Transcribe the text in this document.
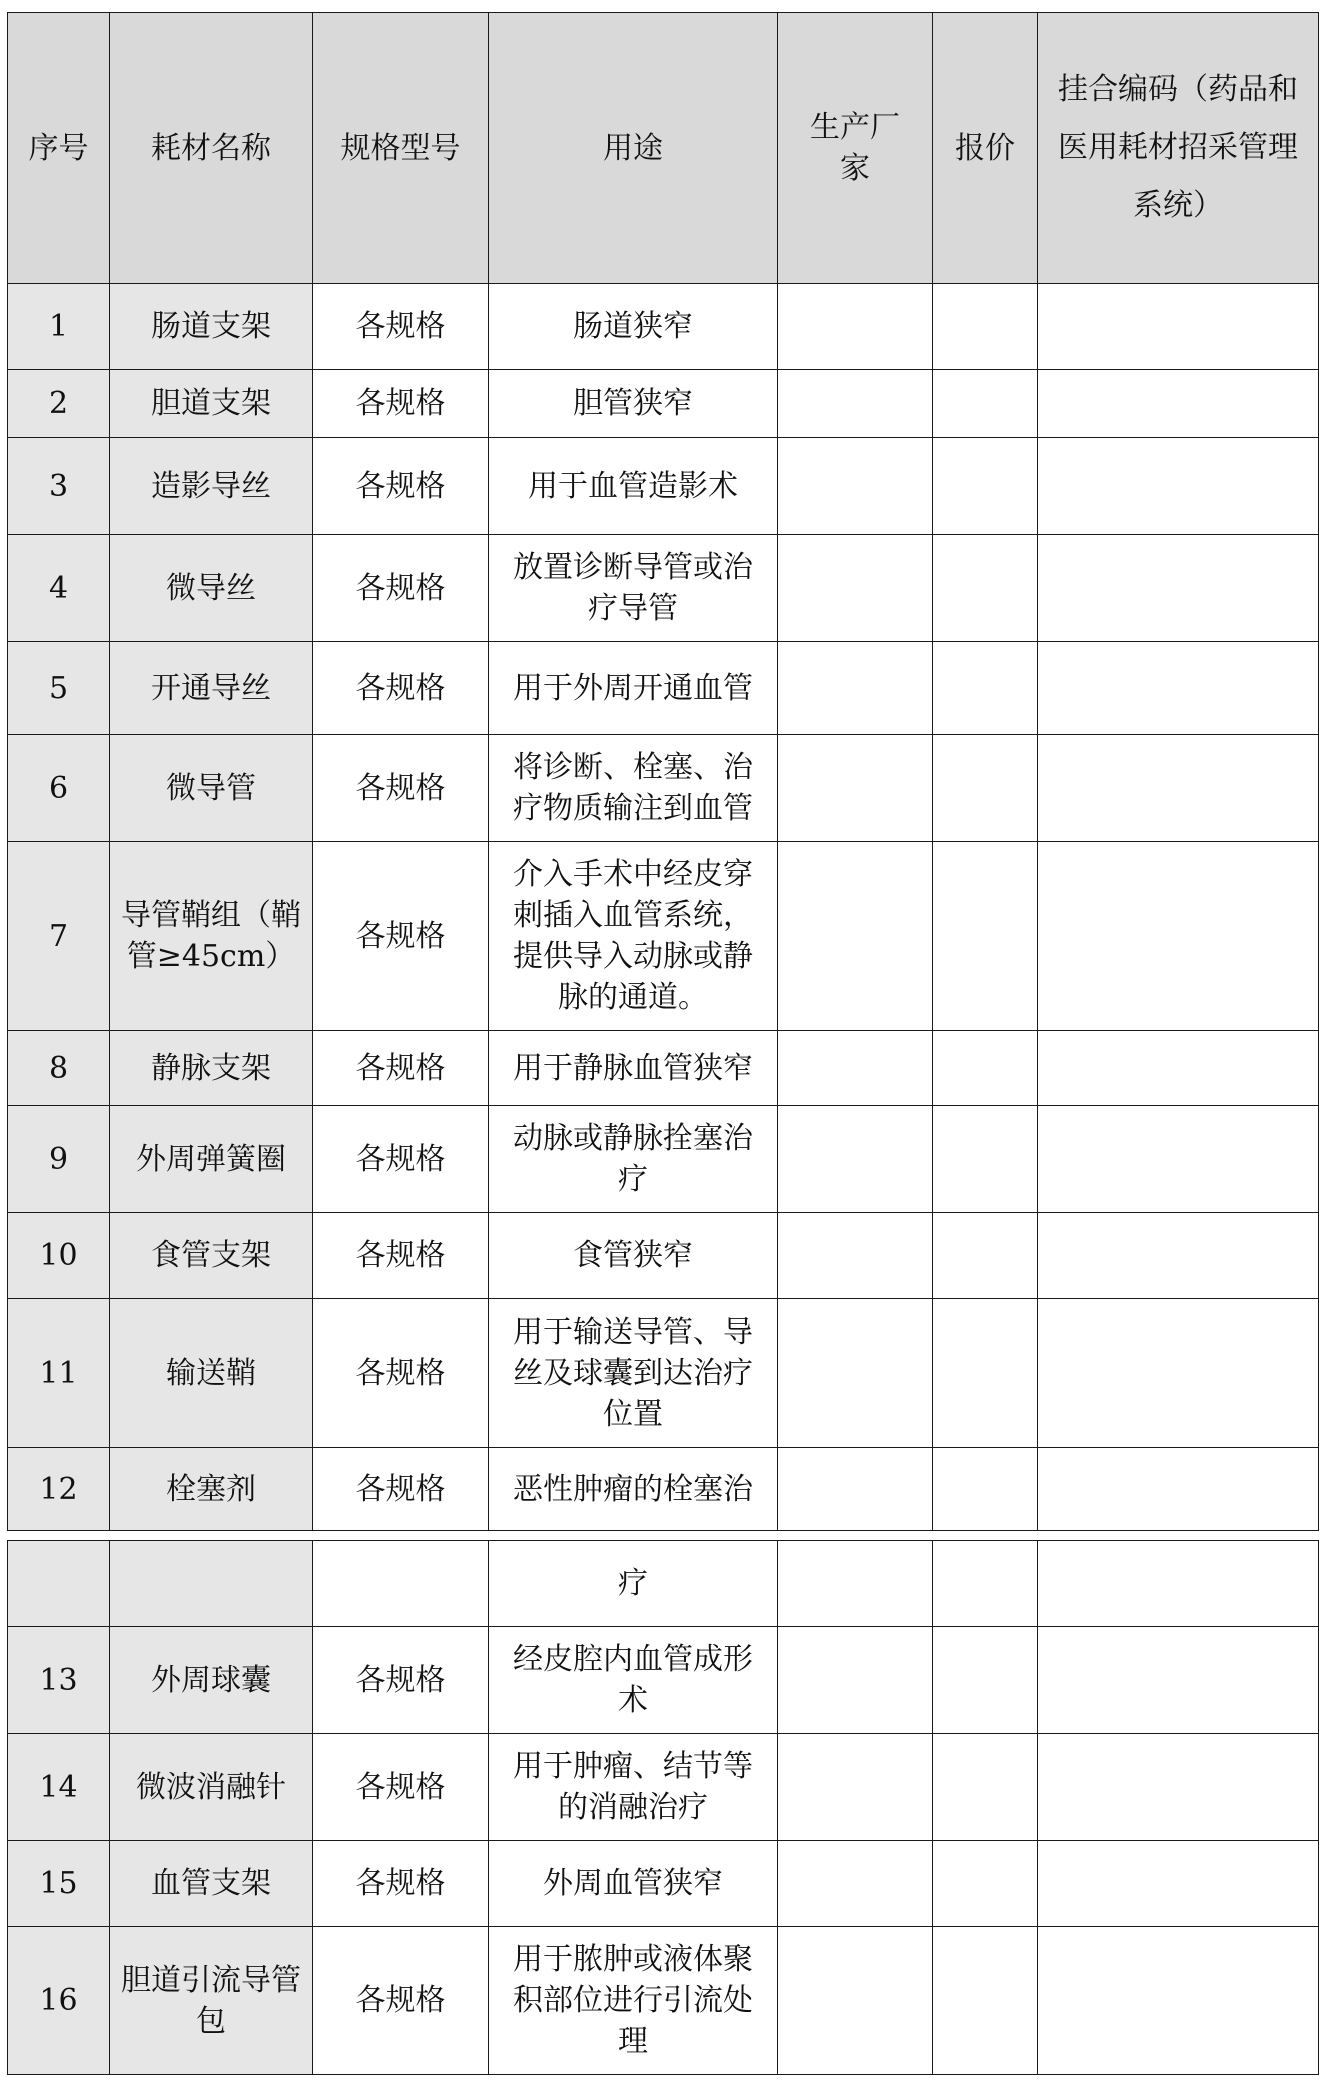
序号	耗材名称	规格型号	用途	生产厂家	报价	挂合编码（药品和医用耗材招采管理系统）
1	肠道支架	各规格	肠道狭窄			
2	胆道支架	各规格	胆管狭窄			
3	造影导丝	各规格	用于血管造影术			
4	微导丝	各规格	放置诊断导管或治疗导管			
5	开通导丝	各规格	用于外周开通血管			
6	微导管	各规格	将诊断、栓塞、治疗物质输注到血管			
7	导管鞘组（鞘管≥45cm）	各规格	介入手术中经皮穿刺插入血管系统，提供导入动脉或静脉的通道。			
8	静脉支架	各规格	用于静脉血管狭窄			
9	外周弹簧圈	各规格	动脉或静脉拴塞治疗			
10	食管支架	各规格	食管狭窄			
11	输送鞘	各规格	用于输送导管、导丝及球囊到达治疗位置			
12	栓塞剂	各规格	恶性肿瘤的栓塞治			
			疗			
13	外周球囊	各规格	经皮腔内血管成形术			
14	微波消融针	各规格	用于肿瘤、结节等的消融治疗			
15	血管支架	各规格	外周血管狭窄			
16	胆道引流导管包	各规格	用于脓肿或液体聚积部位进行引流处理			
